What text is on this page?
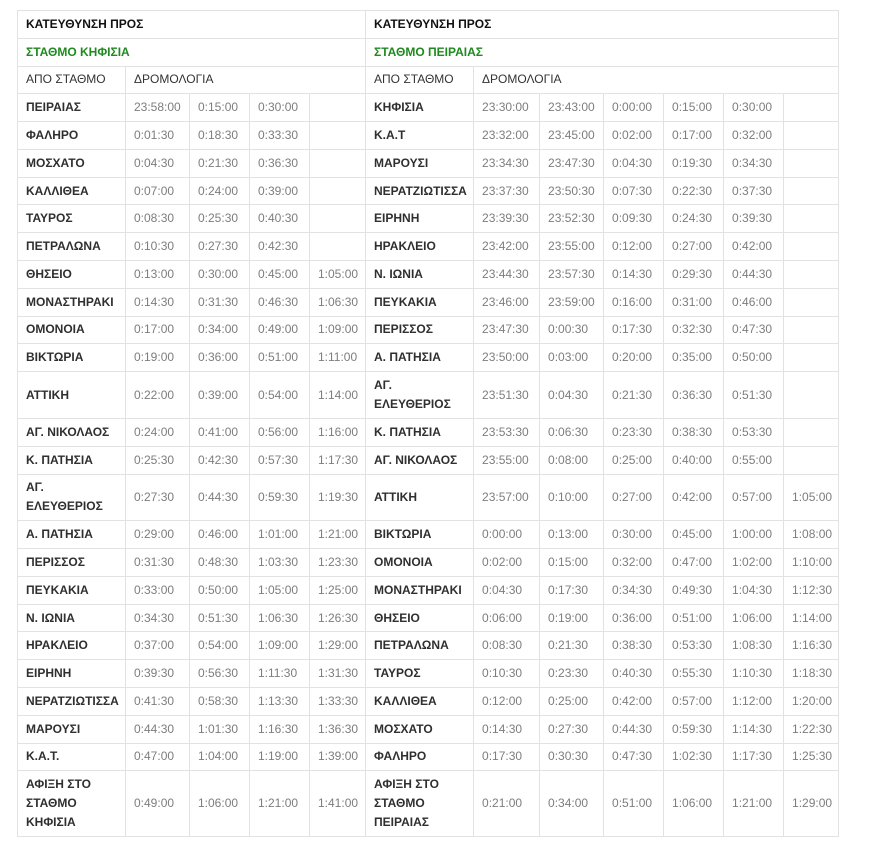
ΚΑΤΕΥΘΥΝΣΗ ΠΡΟΣ					ΚΑΤΕΥΘΥΝΣΗ ΠΡΟΣ						
ΣΤΑΘΜΟ ΚΗΦΙΣΙΑ					ΣΤΑΘΜΟ ΠΕΙΡΑΙΑΣ						
ΑΠΟ ΣΤΑΘΜΟ	ΔΡΟΜΟΛΟΓΙΑ				ΑΠΟ ΣΤΑΘΜΟ	ΔΡΟΜΟΛΟΓΙΑ					
ΠΕΙΡΑΙΑΣ	23:58:00	0:15:00	0:30:00		ΚΗΦΙΣΙΑ	23:30:00	23:43:00	0:00:00	0:15:00	0:30:00	
ΦΑΛΗΡΟ	0:01:30	0:18:30	0:33:30		Κ.Α.Τ	23:32:00	23:45:00	0:02:00	0:17:00	0:32:00	
ΜΟΣΧΑΤΟ	0:04:30	0:21:30	0:36:30		ΜΑΡΟΥΣΙ	23:34:30	23:47:30	0:04:30	0:19:30	0:34:30	
ΚΑΛΛΙΘΕΑ	0:07:00	0:24:00	0:39:00		ΝΕΡΑΤΖΙΩΤΙΣΣΑ	23:37:30	23:50:30	0:07:30	0:22:30	0:37:30	
ΤΑΥΡΟΣ	0:08:30	0:25:30	0:40:30		ΕΙΡΗΝΗ	23:39:30	23:52:30	0:09:30	0:24:30	0:39:30	
ΠΕΤΡΑΛΩΝΑ	0:10:30	0:27:30	0:42:30		ΗΡΑΚΛΕΙΟ	23:42:00	23:55:00	0:12:00	0:27:00	0:42:00	
ΘΗΣΕΙΟ	0:13:00	0:30:00	0:45:00	1:05:00	Ν. ΙΩΝΙΑ	23:44:30	23:57:30	0:14:30	0:29:30	0:44:30	
ΜΟΝΑΣΤΗΡΑΚΙ	0:14:30	0:31:30	0:46:30	1:06:30	ΠΕΥΚΑΚΙΑ	23:46:00	23:59:00	0:16:00	0:31:00	0:46:00	
ΟΜΟΝΟΙΑ	0:17:00	0:34:00	0:49:00	1:09:00	ΠΕΡΙΣΣΟΣ	23:47:30	0:00:30	0:17:30	0:32:30	0:47:30	
ΒΙΚΤΩΡΙΑ	0:19:00	0:36:00	0:51:00	1:11:00	Α. ΠΑΤΗΣΙΑ	23:50:00	0:03:00	0:20:00	0:35:00	0:50:00	
ΑΤΤΙΚΗ	0:22:00	0:39:00	0:54:00	1:14:00	ΑΓ. ΕΛΕΥΘΕΡΙΟΣ	23:51:30	0:04:30	0:21:30	0:36:30	0:51:30	
ΑΓ. ΝΙΚΟΛΑΟΣ	0:24:00	0:41:00	0:56:00	1:16:00	Κ. ΠΑΤΗΣΙΑ	23:53:30	0:06:30	0:23:30	0:38:30	0:53:30	
Κ. ΠΑΤΗΣΙΑ	0:25:30	0:42:30	0:57:30	1:17:30	ΑΓ. ΝΙΚΟΛΑΟΣ	23:55:00	0:08:00	0:25:00	0:40:00	0:55:00	
ΑΓ. ΕΛΕΥΘΕΡΙΟΣ	0:27:30	0:44:30	0:59:30	1:19:30	ΑΤΤΙΚΗ	23:57:00	0:10:00	0:27:00	0:42:00	0:57:00	1:05:00
Α. ΠΑΤΗΣΙΑ	0:29:00	0:46:00	1:01:00	1:21:00	ΒΙΚΤΩΡΙΑ	0:00:00	0:13:00	0:30:00	0:45:00	1:00:00	1:08:00
ΠΕΡΙΣΣΟΣ	0:31:30	0:48:30	1:03:30	1:23:30	ΟΜΟΝΟΙΑ	0:02:00	0:15:00	0:32:00	0:47:00	1:02:00	1:10:00
ΠΕΥΚΑΚΙΑ	0:33:00	0:50:00	1:05:00	1:25:00	ΜΟΝΑΣΤΗΡΑΚΙ	0:04:30	0:17:30	0:34:30	0:49:30	1:04:30	1:12:30
Ν. ΙΩΝΙΑ	0:34:30	0:51:30	1:06:30	1:26:30	ΘΗΣΕΙΟ	0:06:00	0:19:00	0:36:00	0:51:00	1:06:00	1:14:00
ΗΡΑΚΛΕΙΟ	0:37:00	0:54:00	1:09:00	1:29:00	ΠΕΤΡΑΛΩΝΑ	0:08:30	0:21:30	0:38:30	0:53:30	1:08:30	1:16:30
ΕΙΡΗΝΗ	0:39:30	0:56:30	1:11:30	1:31:30	ΤΑΥΡΟΣ	0:10:30	0:23:30	0:40:30	0:55:30	1:10:30	1:18:30
ΝΕΡΑΤΖΙΩΤΙΣΣΑ	0:41:30	0:58:30	1:13:30	1:33:30	ΚΑΛΛΙΘΕΑ	0:12:00	0:25:00	0:42:00	0:57:00	1:12:00	1:20:00
ΜΑΡΟΥΣΙ	0:44:30	1:01:30	1:16:30	1:36:30	ΜΟΣΧΑΤΟ	0:14:30	0:27:30	0:44:30	0:59:30	1:14:30	1:22:30
Κ.Α.Τ.	0:47:00	1:04:00	1:19:00	1:39:00	ΦΑΛΗΡΟ	0:17:30	0:30:30	0:47:30	1:02:30	1:17:30	1:25:30
ΑΦΙΞΗ ΣΤΟ ΣΤΑΘΜΟ ΚΗΦΙΣΙΑ	0:49:00	1:06:00	1:21:00	1:41:00	ΑΦΙΞΗ ΣΤΟ ΣΤΑΘΜΟ ΠΕΙΡΑΙΑΣ	0:21:00	0:34:00	0:51:00	1:06:00	1:21:00	1:29:00
